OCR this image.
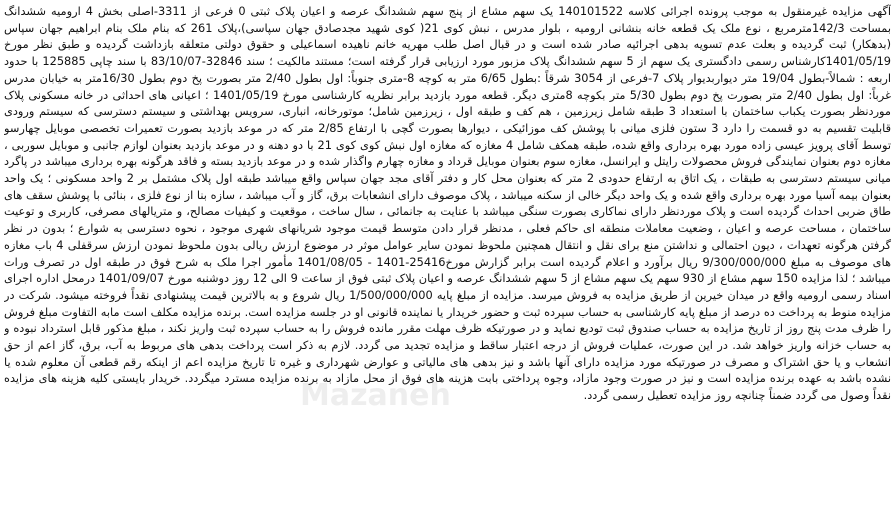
آگهی مزایده غیرمنقول به موجب پرونده اجرائی کلاسه 140101522 یک سهم مشاع از پنج سهم ششدانگ عرصه و اعیان پلاک ثبتی 0 فرعی از 3311-اصلی بخش 4 ارومیه ششدانگ بمساحت 142/3مترمربع ، نوع ملک یک قطعه خانه بنشانی ارومیه ، بلوار مدرس ، نبش کوی 21( کوی شهید مجدصادق جهان سپاسی)،پلاک 261 که بنام ملک بنام ابراهیم جهان سپاس (بدهکار) ثبت گردیده و بعلت عدم تسویه بدهی اجرائیه صادر شده است و در قبال اصل طلب مهریه خانم ناهیده اسماعیلی و حقوق دولتی متعلقه بازداشت گردیده و طبق نظر مورخ 1401/05/19کارشناس رسمی دادگستری یک سهم از 5 سهم ششدانگ پلاک مزبور مورد ارزیابی قرار گرفته است؛ مستند مالکیت ؛ سند 32846-83/10/07 با سند چاپی 125885 با حدود اربعه : شمالاً-بطول 19/04 متر دیواربدیوار پلاک 7-فرعی از 3054 شرقاً :بطول 6/65 متر به کوچه 8-متری جنوباً: اول بطول 2/40 متر بصورت پخ دوم بطول 16/30متر به خیابان مدرس غرباً: اول بطول 2/40 متر بصورت پخ دوم بطول 5/30 متر بکوچه 8متری دیگر. قطعه مورد بازدید برابر نظریه کارشناسی مورخ 1401/05/19 ؛ اعیانی های احداثی در خانه مسکونی پلاک موردنظر بصورت یکباب ساختمان با استعداد 3 طبقه شامل زیرزمین ، هم کف و طبقه اول ، زیرزمین شامل؛ موتورخانه، انباری، سرویس بهداشتی و سیستم دسترسی که سیستم ورودی قابلیت تقسیم به دو قسمت را دارد 3 ستون فلزی میانی با پوشش کف موزائیکی ، دیوارها بصورت گچی با ارتفاع 2/85 متر که در موعد بازدید بصورت تعمیرات تخصصی موبایل چهارسو توسط آقای پرویز عیسی زاده مورد بهره برداری واقع شده، طبقه همکف شامل 4 مغازه که مغازه اول نبش کوی کوی 21 با دو دهنه و در موعد بازدید بعنوان لوازم جانبی و موبایل سوربی ، مغازه دوم بعنوان نمایندگی فروش محصولات رایتل و ایرانسل، مغازه سوم بعنوان موبایل قرداد و مغازه چهارم واگذار شده و در موعد بازدید بسته و فاقد هرگونه بهره برداری میباشد در پاگرد میانی سیستم دسترسی به طبقات ، یک اتاق به ارتفاع حدودی 2 متر که بعنوان محل کار و دفتر آقای مجد جهان سپاس واقع میباشد طبقه اول پلاک مشتمل بر 2 واحد مسکونی ؛ یک واحد بعنوان بیمه آسیا مورد بهره برداری واقع شده و یک واحد دیگر خالی از سکنه میباشد ، پلاک موصوف دارای انشعابات برق، گاز و آب میباشد ، سازه بنا از نوع فلزی ، بنائی با پوشش سقف های طاق ضربی احداث گردیده است و پلاک موردنظر دارای نماکاری بصورت سنگی میباشد با عنایت به جانمائی ، سال ساخت ، موقعیت و کیفیات مصالح، و متریالهای مصرفی، کاربری و توعیت ساختمان ، مساحت عرصه و اعیان ، وضعیت معاملات منطقه ای حاکم فعلی ، مدنظر قرار دادن متوسط قیمت موجود شریانهای شهری موجود ، نحوه دسترسی به شوارع ؛ بدون در نظر گرفتن هرگونه تعهدات ، دیون احتمالی و نداشتن منع برای نقل و انتقال همچنین ملحوظ نمودن سایر عوامل موثر در موضوع ارزش ریالی بدون ملحوظ نمودن ارزش سرقفلی 4 باب مغازه های موصوف به مبلغ 9/300/000/000 ریال برآورد و اعلام گردیده است برابر گزارش مورخ25416-1401 - 1401/08/05 مأمور اجرا ملک به شرح فوق در طبقه اول در تصرف ورات میباشد ؛ لذا مزایده 150 سهم مشاع از 930 سهم یک سهم مشاع از 5 سهم ششدانگ عرصه و اعیان پلاک ثبتی فوق از ساعت 9 الی 12 روز دوشنبه مورخ 1401/09/07 درمحل اداره اجرای اسناد رسمی ارومیه واقع در میدان خیرین از طریق مزایده به فروش میرسد. مزایده از مبلغ پایه 1/500/000/000 ریال شروع و به بالاترین قیمت پیشنهادی نقداً فروخته میشود. شرکت در مزایده منوط به پرداخت ده درصد از مبلغ پایه کارشناسی به حساب سپرده ثبت و حضور خریدار یا نماینده قانونی او در جلسه مزایده است. برنده مزایده مکلف است مابه التفاوت مبلغ فروش را ظرف مدت پنج روز از تاریخ مزایده به حساب صندوق ثبت تودیع نماید و در صورتیکه ظرف مهلت مقرر مانده فروش را به حساب سپرده ثبت واریز نکند ، مبلغ مذکور قابل استرداد نبوده و به حساب خزانه واریز خواهد شد. در این صورت، عملیات فروش از درجه اعتبار ساقط و مزایده تجدید می گردد. لازم به ذکر است پرداخت بدهی های مربوط به آب، برق، گاز اعم از حق انشعاب و یا حق اشتراک و مصرف در صورتیکه مورد مزایده دارای آنها باشد و نیز بدهی های مالیاتی و عوارض شهرداری و غیره تا تاریخ مزایده اعم از اینکه رقم قطعی آن معلوم شده یا نشده باشد به عهده برنده مزایده است و نیز در صورت وجود مازاد، وجوه پرداختی بابت هزینه های فوق از محل مازاد به برنده مزایده مسترد میگردد. خریدار بایستی کلیه هزینه های مزایده نقداً وصول می گردد ضمناً چنانچه روز مزایده تعطیل رسمی گردد.
Mazaneh
